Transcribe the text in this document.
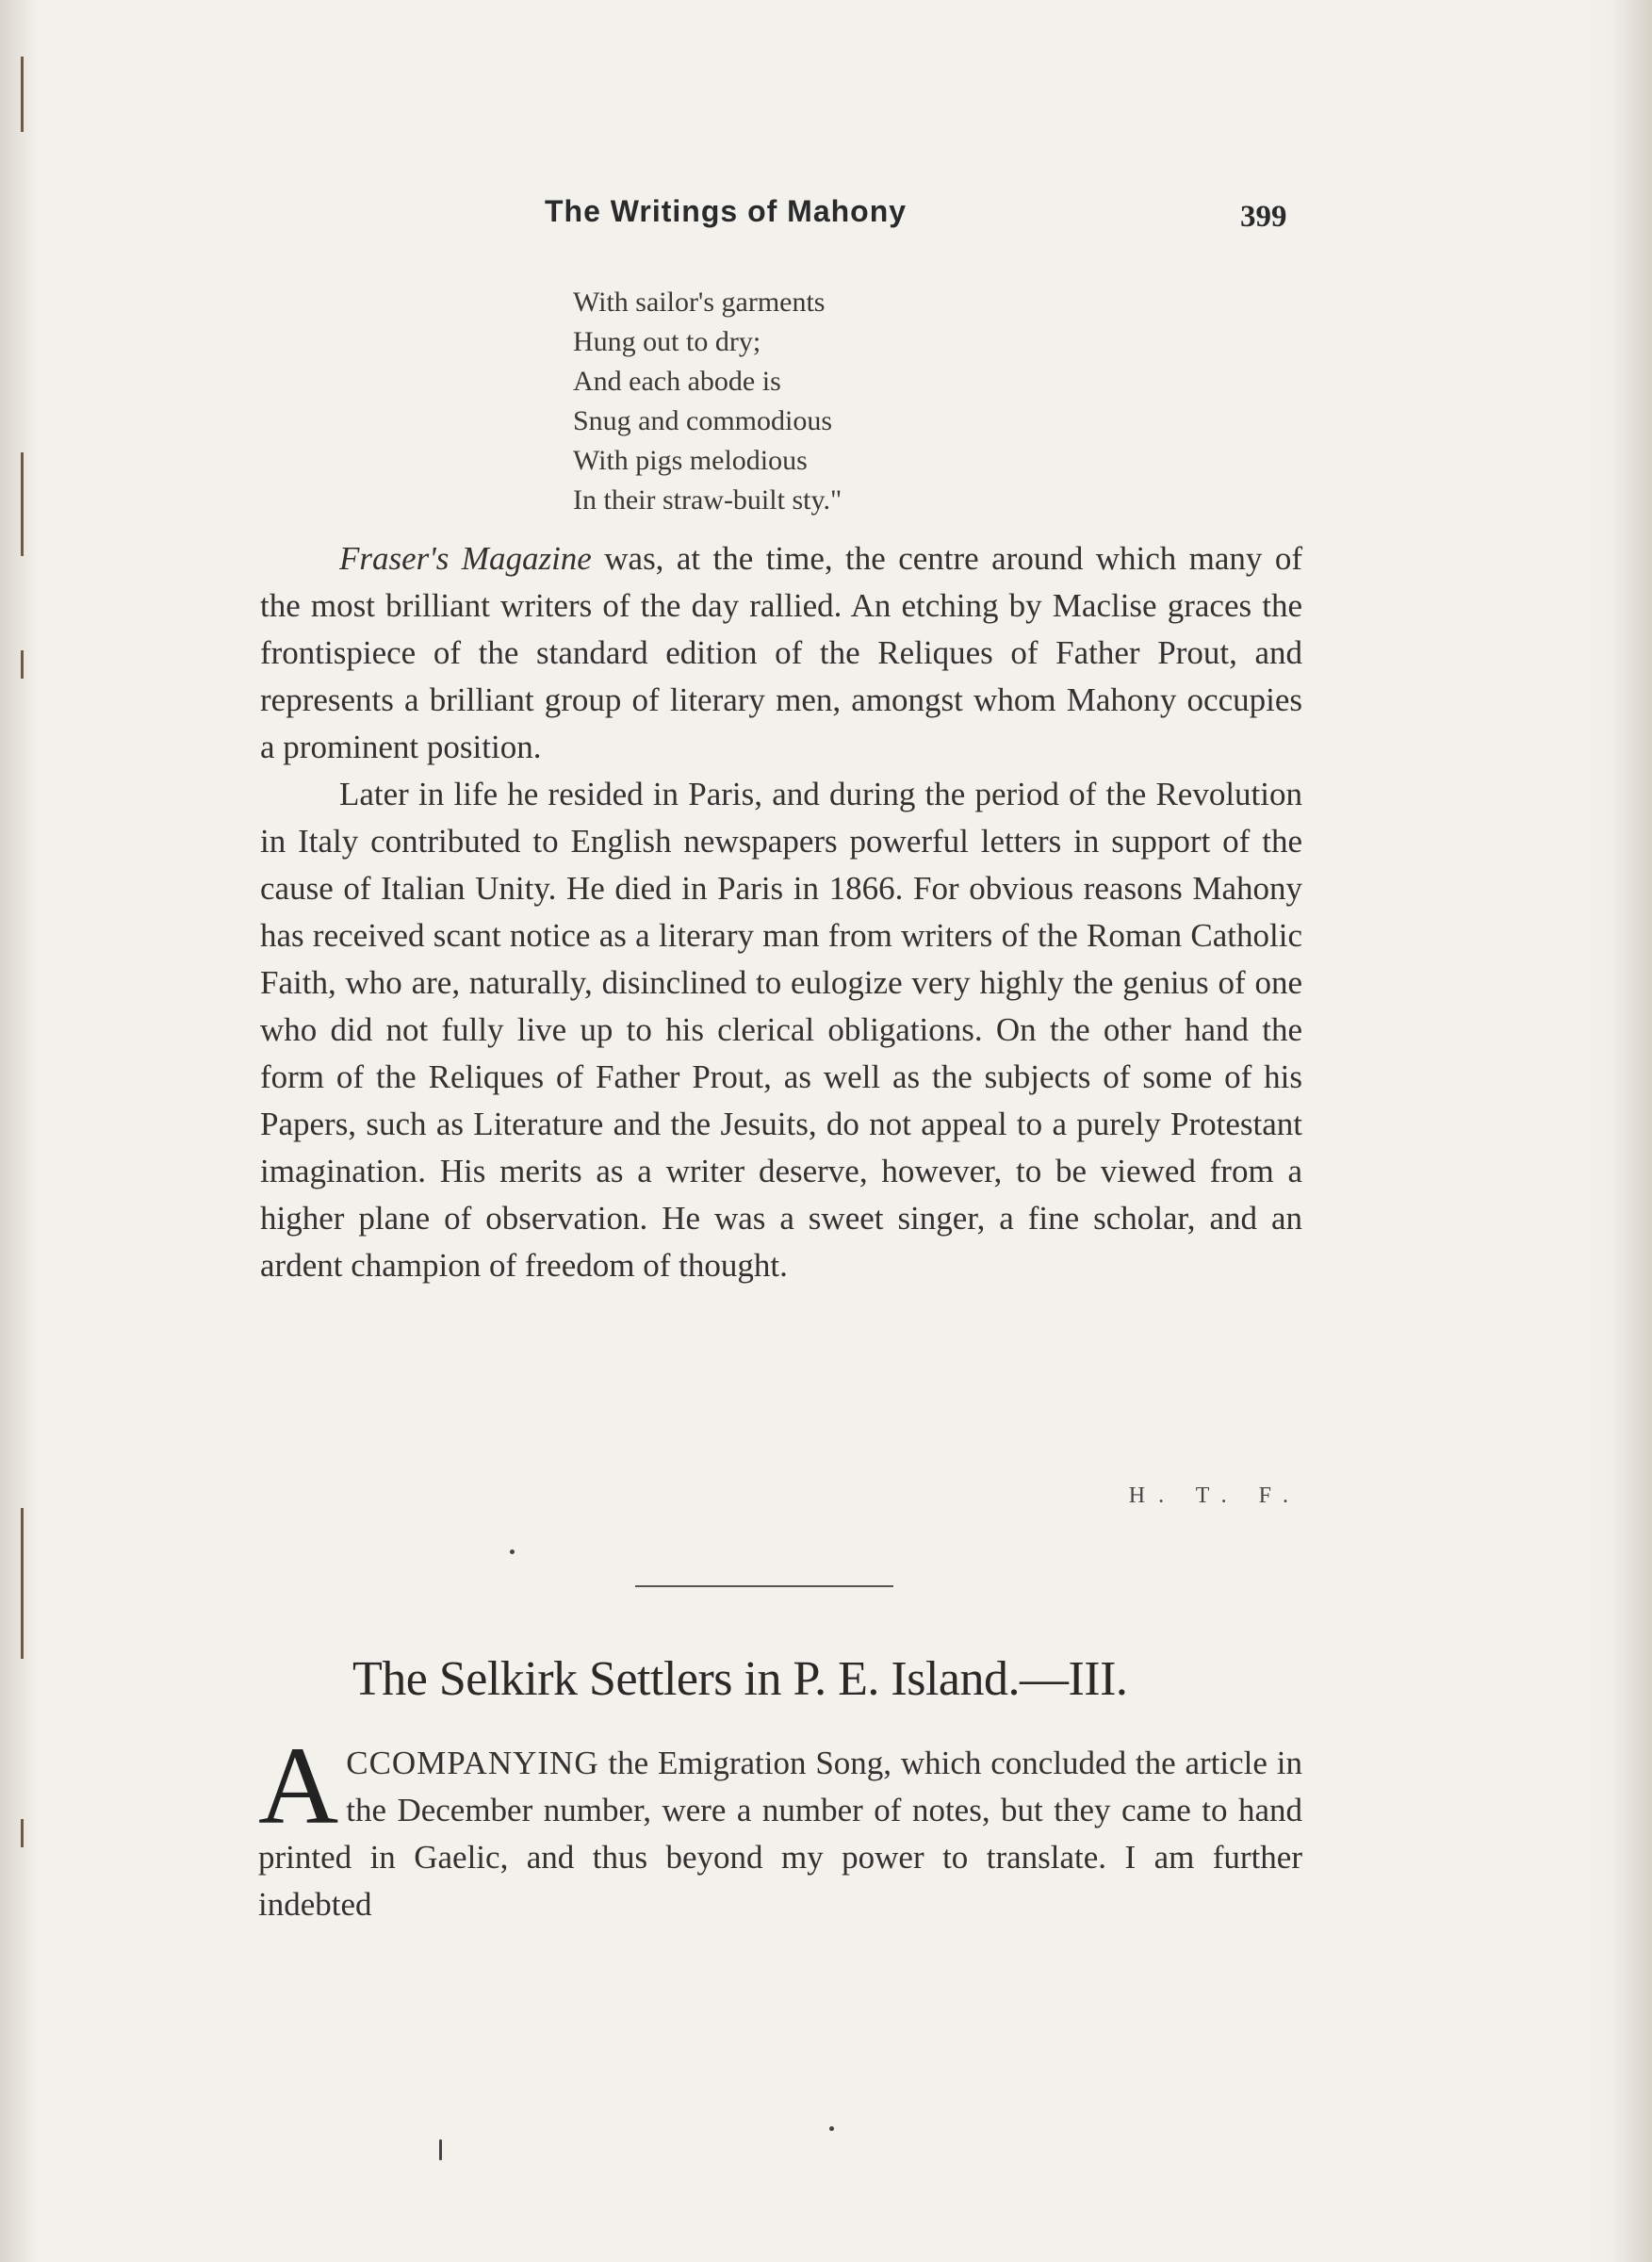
The Writings of Mahony	399
With sailor's garments
Hung out to dry;
And each abode is
Snug and commodious
With pigs melodious
In their straw-built sty."

Fraser's Magazine was, at the time, the centre around which many of the most brilliant writers of the day rallied. An etching by Maclise graces the frontispiece of the standard edition of the Reliques of Father Prout, and represents a brilliant group of literary men, amongst whom Mahony occupies a prominent position.

Later in life he resided in Paris, and during the period of the Revolution in Italy contributed to English newspapers powerful letters in support of the cause of Italian Unity. He died in Paris in 1866. For obvious reasons Mahony has received scant notice as a literary man from writers of the Roman Catholic Faith, who are, naturally, disinclined to eulogize very highly the genius of one who did not fully live up to his clerical obligations. On the other hand the form of the Reliques of Father Prout, as well as the subjects of some of his Papers, such as Literature and the Jesuits, do not appeal to a purely Protestant imagination. His merits as a writer deserve, however, to be viewed from a higher plane of observation. He was a sweet singer, a fine scholar, and an ardent champion of freedom of thought.

H. T. F.
The Selkirk Settlers in P. E. Island.—III.
ACCOMPANYING the Emigration Song, which concluded the article in the December number, were a number of notes, but they came to hand printed in Gaelic, and thus beyond my power to translate. I am further indebted
